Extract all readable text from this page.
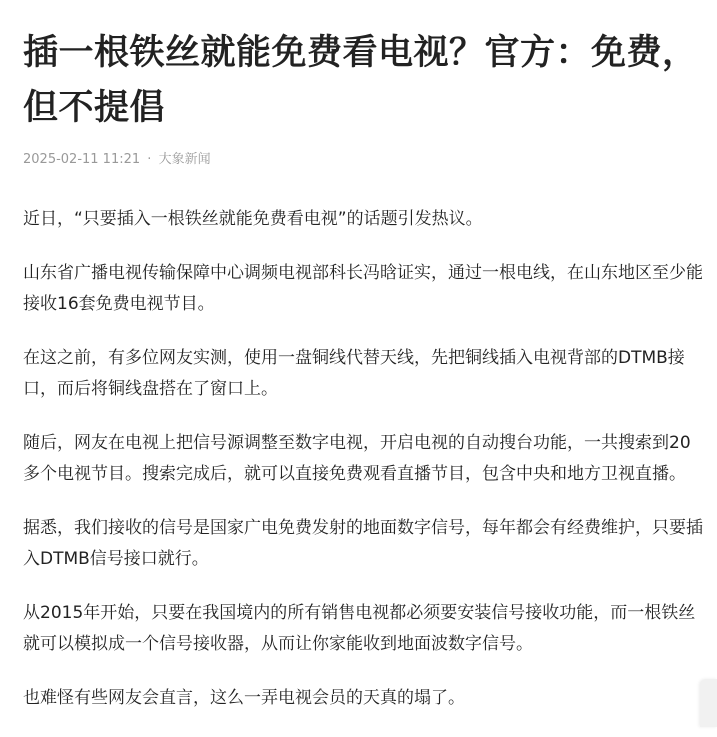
插一根铁丝就能免费看电视？官方：免费，但不提倡
2025-02-11 11:21 · 大象新闻

近日，“只要插入一根铁丝就能免费看电视”的话题引发热议。

山东省广播电视传输保障中心调频电视部科长冯晗证实，通过一根电线，在山东地区至少能接收16套免费电视节目。

在这之前，有多位网友实测，使用一盘铜线代替天线，先把铜线插入电视背部的DTMB接口，而后将铜线盘搭在了窗口上。

随后，网友在电视上把信号源调整至数字电视，开启电视的自动搜台功能，一共搜索到20多个电视节目。搜索完成后，就可以直接免费观看直播节目，包含中央和地方卫视直播。

据悉，我们接收的信号是国家广电免费发射的地面数字信号，每年都会有经费维护，只要插入DTMB信号接口就行。

从2015年开始，只要在我国境内的所有销售电视都必须要安装信号接收功能，而一根铁丝就可以模拟成一个信号接收器，从而让你家能收到地面波数字信号。

也难怪有些网友会直言，这么一弄电视会员的天真的塌了。
